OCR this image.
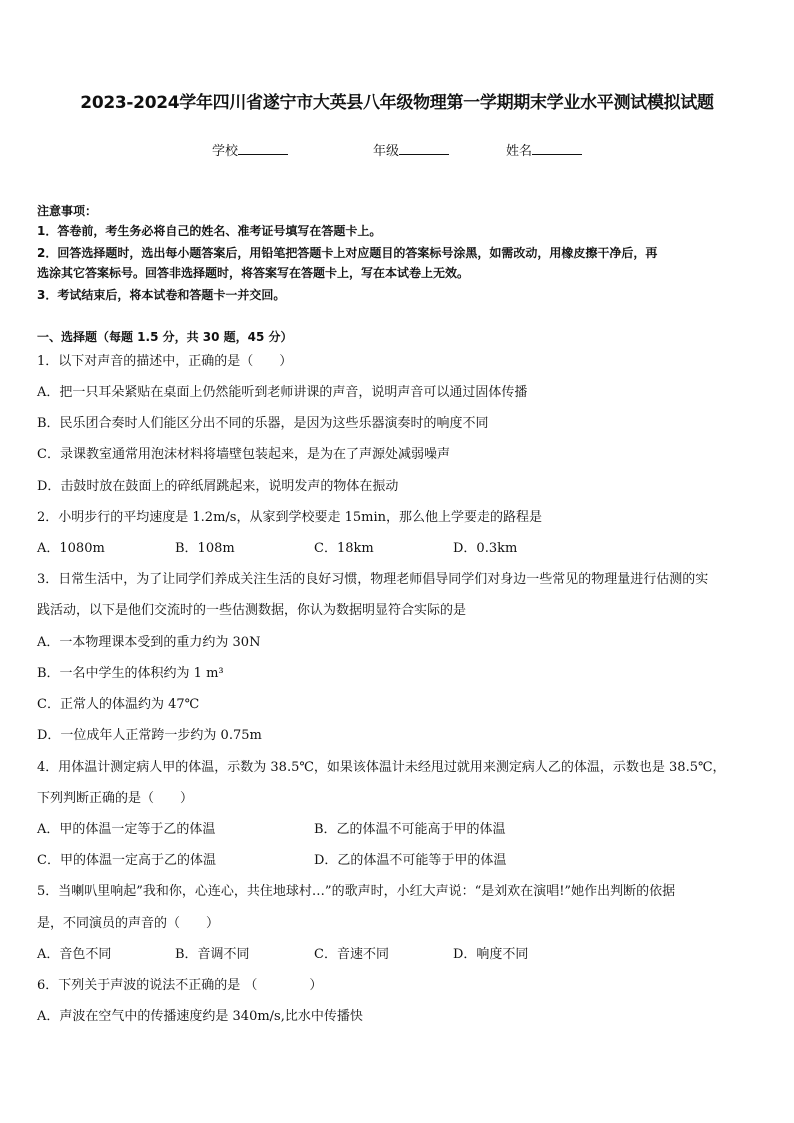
2023-2024学年四川省遂宁市大英县八年级物理第一学期期末学业水平测试模拟试题
学校	年级	姓名
注意事项：
1．答卷前，考生务必将自己的姓名、准考证号填写在答题卡上。
2．回答选择题时，选出每小题答案后，用铅笔把答题卡上对应题目的答案标号涂黑，如需改动，用橡皮擦干净后，再
选涂其它答案标号。回答非选择题时，将答案写在答题卡上，写在本试卷上无效。
3．考试结束后，将本试卷和答题卡一并交回。
一、选择题（每题 1.5 分，共 30 题，45 分）
1．以下对声音的描述中，正确的是（　　）
A．把一只耳朵紧贴在桌面上仍然能听到老师讲课的声音，说明声音可以通过固体传播
B．民乐团合奏时人们能区分出不同的乐器，是因为这些乐器演奏时的响度不同
C．录课教室通常用泡沫材料将墙壁包装起来，是为在了声源处减弱噪声
D．击鼓时放在鼓面上的碎纸屑跳起来，说明发声的物体在振动
2．小明步行的平均速度是 1.2m/s，从家到学校要走 15min，那么他上学要走的路程是
A．1080m	B．108m	C．18km	D．0.3km
3．日常生活中，为了让同学们养成关注生活的良好习惯，物理老师倡导同学们对身边一些常见的物理量进行估测的实
践活动，以下是他们交流时的一些估测数据，你认为数据明显符合实际的是
A．一本物理课本受到的重力约为 30N
B．一名中学生的体积约为 1 m³
C．正常人的体温约为 47℃
D．一位成年人正常跨一步约为 0.75m
4．用体温计测定病人甲的体温，示数为 38.5℃，如果该体温计未经甩过就用来测定病人乙的体温，示数也是 38.5℃，
下列判断正确的是（　　）
A．甲的体温一定等于乙的体温	B．乙的体温不可能高于甲的体温
C．甲的体温一定高于乙的体温	D．乙的体温不可能等于甲的体温
5．当喇叭里响起”我和你，心连心，共住地球村…”的歌声时，小红大声说：“是刘欢在演唱!”她作出判断的依据
是，不同演员的声音的（　　）
A．音色不同	B．音调不同	C．音速不同	D．响度不同
6．下列关于声波的说法不正确的是 （　　　　）
A．声波在空气中的传播速度约是 340m/s,比水中传播快
